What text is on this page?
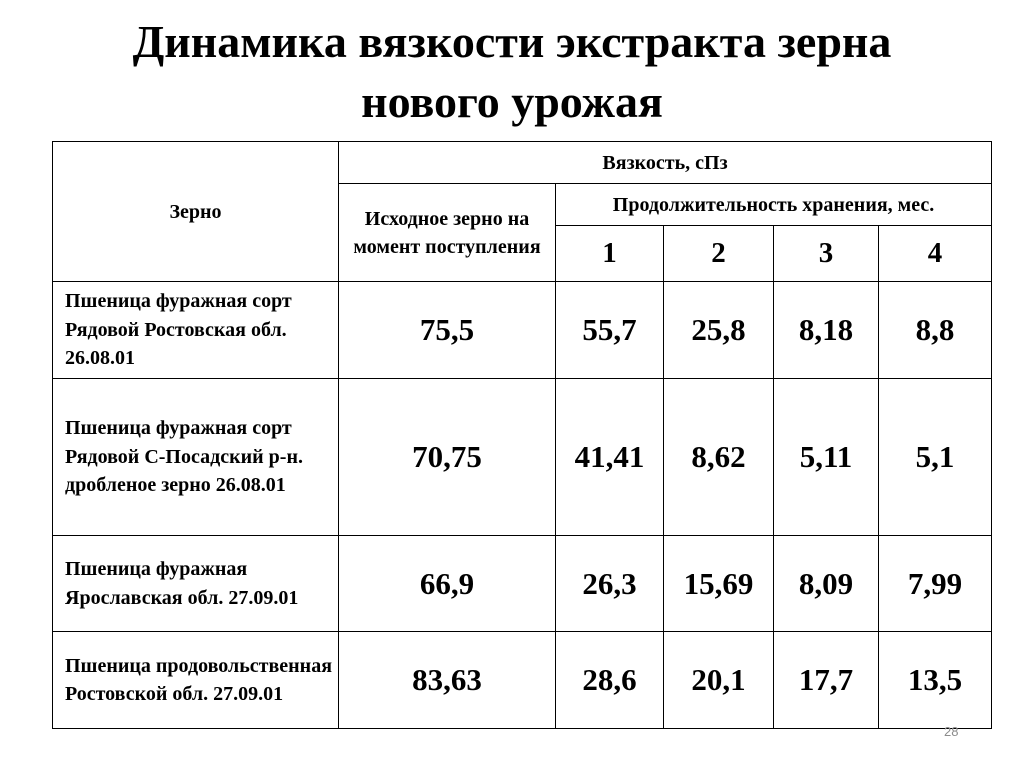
Динамика вязкости экстракта зерна
нового урожая
Зерно	Вязкость, сПз				
	Исходное зерно на момент поступления	Продолжительность хранения, мес.			
		1	2	3	4
Пшеница фуражная сорт Рядовой Ростовская обл. 26.08.01	75,5	55,7	25,8	8,18	8,8
Пшеница фуражная сорт Рядовой С-Посадский р-н. дробленое зерно 26.08.01	70,75	41,41	8,62	5,11	5,1
Пшеница фуражная Ярославская обл. 27.09.01	66,9	26,3	15,69	8,09	7,99
Пшеница продовольственная Ростовской обл. 27.09.01	83,63	28,6	20,1	17,7	13,5
28
